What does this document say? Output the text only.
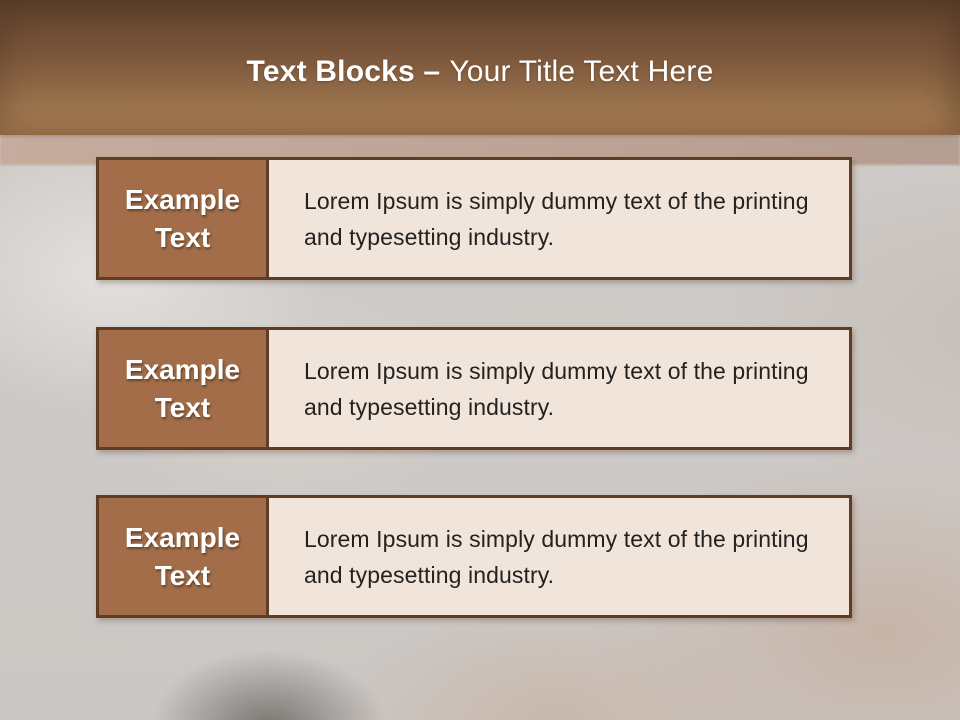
Text Blocks – Your Title Text Here
Example Text

Lorem Ipsum is simply dummy text of the printing and typesetting industry.

Example Text

Lorem Ipsum is simply dummy text of the printing and typesetting industry.

Example Text

Lorem Ipsum is simply dummy text of the printing and typesetting industry.
